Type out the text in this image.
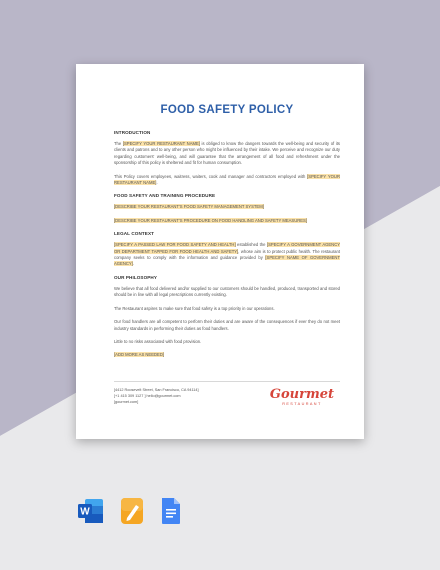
FOOD SAFETY POLICY
INTRODUCTION
The [SPECIFY YOUR RESTAURANT NAME] is obliged to know the dangers towards the well-being and security of its clients and patrons and to any other person who might be influenced by their intake. We perceive and recognize our duty regarding customers' well-being, and will guarantee that the arrangement of all food and refreshment under the sponsorship of this policy is sheltered and fit for human consumption.
This Policy covers employees, waitress, waiters, cook and manager and contractors employed with [SPECIFY YOUR RESTAURANT NAME].
FOOD SAFETY AND TRAINING PROCEDURE
[DESCRIBE YOUR RESTAURANT'S FOOD SAFETY MANAGEMENT SYSTEM]
[DESCRIBE YOUR RESTAURANT'S PROCEDURE ON FOOD HANDLING AND SAFETY MEASURES]
LEGAL CONTEXT
[SPECIFY A PASSED LAW FOR FOOD SAFETY AND HEALTH] established the [SPECIFY A GOVERNMENT AGENCY OR DEPARTMENT TAPPED FOR FOOD HEALTH AND SAFETY], whose aim is to protect public health. The restaurant company seeks to comply with the information and guidance provided by [SPECIFY NAME OF GOVERNMENT AGENCY].
OUR PHILOSOPHY
We believe that all food delivered and/or supplied to our customers should be handled, produced, transported and stored should be in line with all legal prescriptions currently existing.
The Restaurant aspires to make sure that food safety is a top priority in our operations.
Our food handlers are all competent to perform their duties and are aware of the consequences if ever they do not meet industry standards in performing their duties as food handlers.
Little to no risks associated with food provision.
[ADD MORE AS NEEDED]
[4412 Roosevelt Street, San Francisco, CA 94114]
[+1 415 309 1127 ] hello@gourmet.com
[gourmet.com]
Gourmet
RESTAURANT
W
